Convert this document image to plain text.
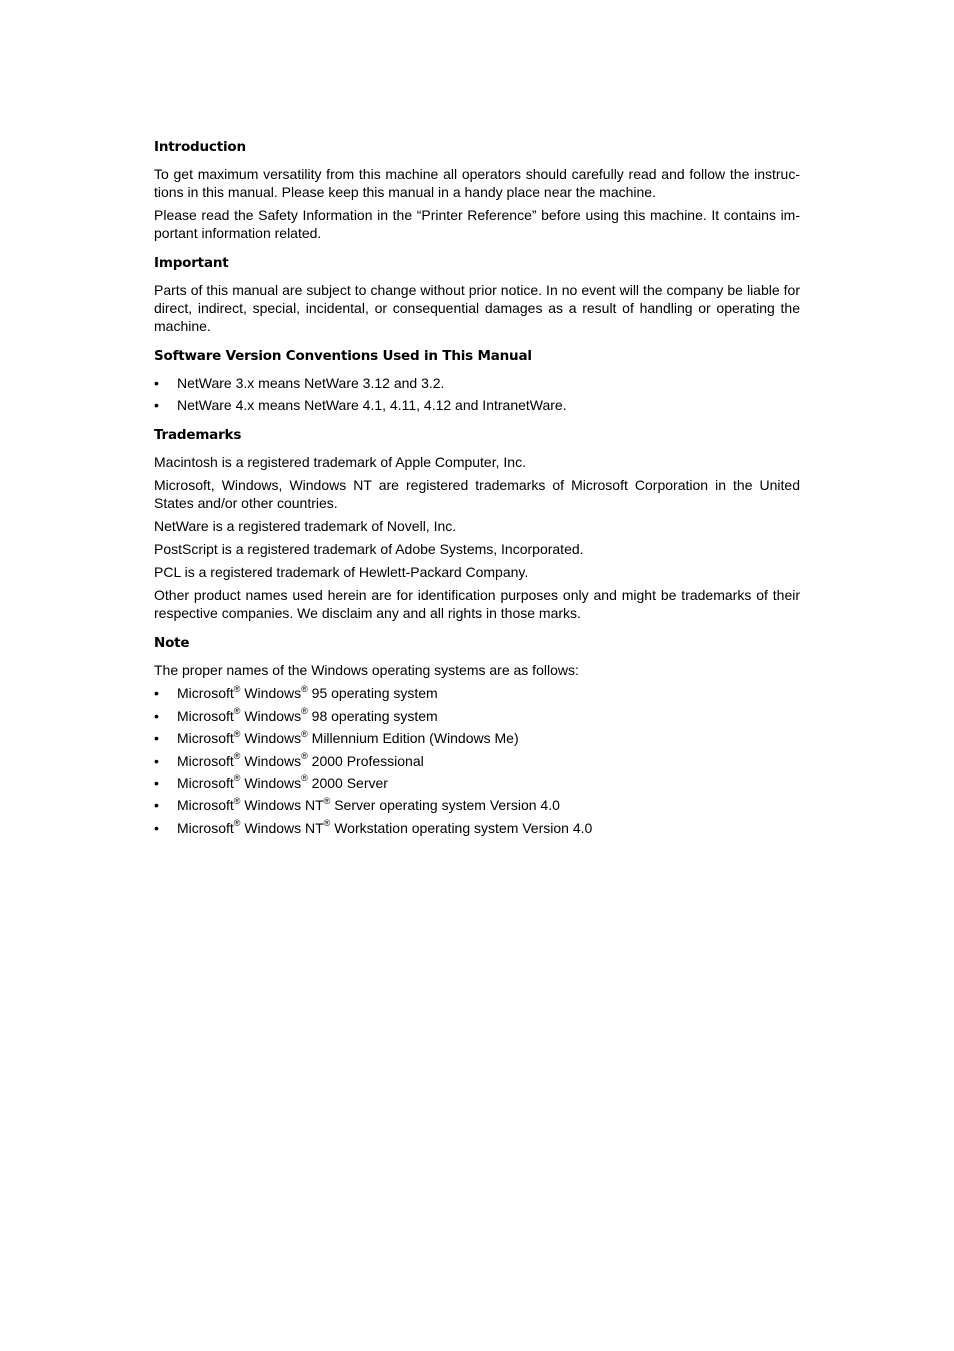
Introduction

To get maximum versatility from this machine all operators should carefully read and follow the instruc-tions in this manual. Please keep this manual in a handy place near the machine.

Please read the Safety Information in the “Printer Reference” before using this machine. It contains im-portant information related.

Important

Parts of this manual are subject to change without prior notice. In no event will the company be liable for direct, indirect, special, incidental, or consequential damages as a result of handling or operating the machine.

Software Version Conventions Used in This Manual
• NetWare 3.x means NetWare 3.12 and 3.2.
• NetWare 4.x means NetWare 4.1, 4.11, 4.12 and IntranetWare.
Trademarks

Macintosh is a registered trademark of Apple Computer, Inc.

Microsoft, Windows, Windows NT are registered trademarks of Microsoft Corporation in the United States and/or other countries.

NetWare is a registered trademark of Novell, Inc.

PostScript is a registered trademark of Adobe Systems, Incorporated.

PCL is a registered trademark of Hewlett-Packard Company.

Other product names used herein are for identification purposes only and might be trademarks of their respective companies. We disclaim any and all rights in those marks.

Note

The proper names of the Windows operating systems are as follows:

• Microsoft® Windows® 95 operating system
• Microsoft® Windows® 98 operating system
• Microsoft® Windows® Millennium Edition (Windows Me)
• Microsoft® Windows® 2000 Professional
• Microsoft® Windows® 2000 Server
• Microsoft® Windows NT® Server operating system Version 4.0
• Microsoft® Windows NT® Workstation operating system Version 4.0
